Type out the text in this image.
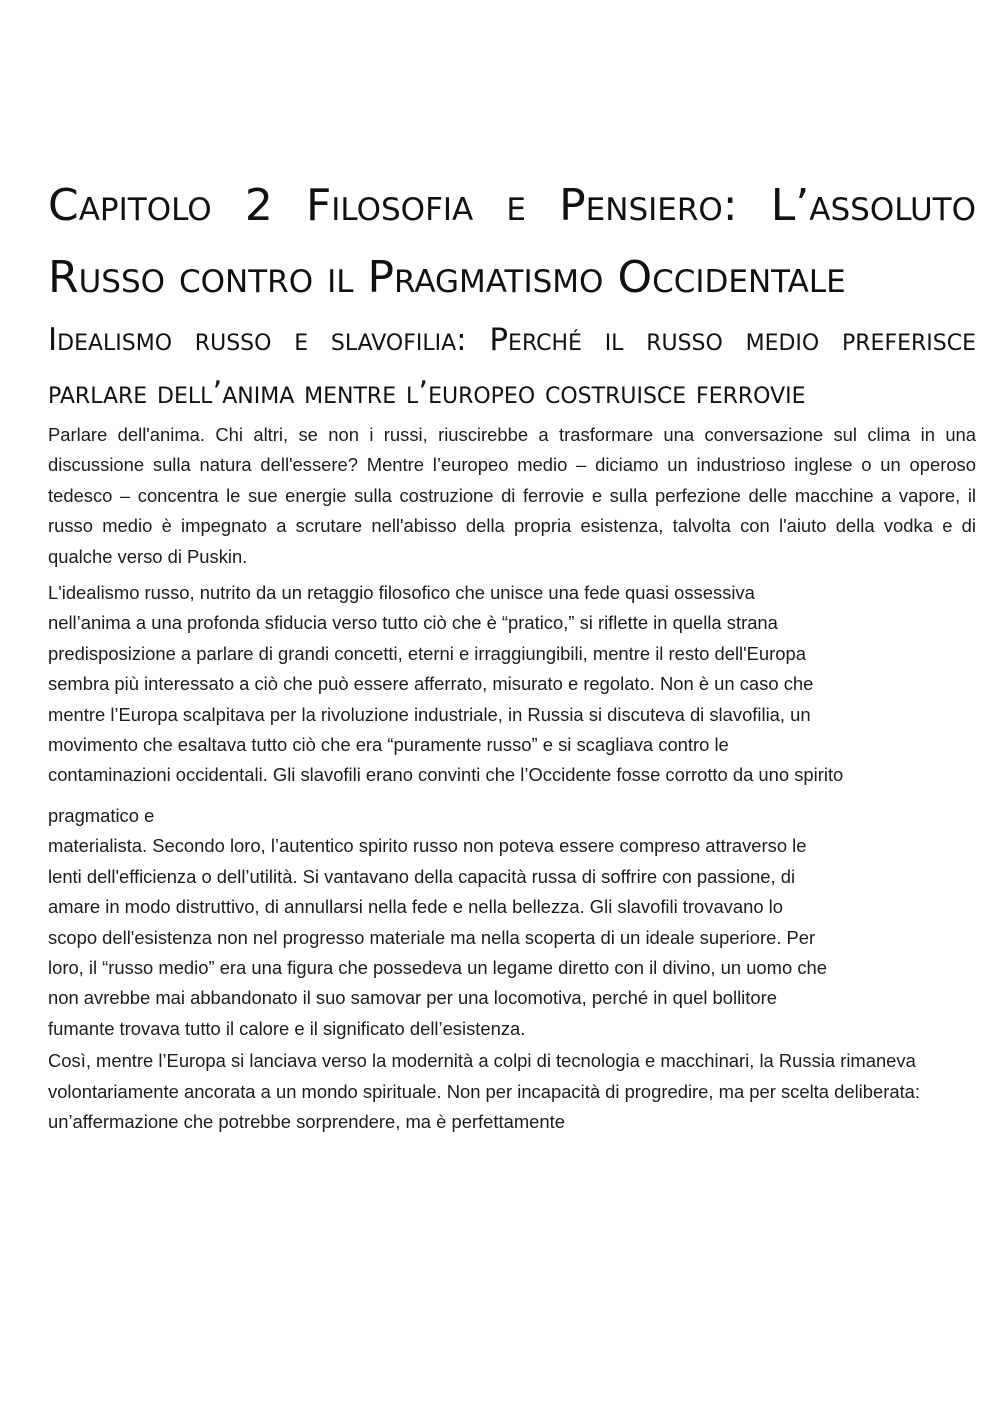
Capitolo 2 Filosofia e Pensiero: L’assoluto Russo contro il Pragmatismo Occidentale
Idealismo russo e slavofilia: Perché il russo medio preferisce parlare dell’anima mentre l’europeo costruisce ferrovie

Parlare dell'anima. Chi altri, se non i russi, riuscirebbe a trasformare una conversazione sul clima in una discussione sulla natura dell'essere? Mentre l’europeo medio – diciamo un industrioso inglese o un operoso tedesco – concentra le sue energie sulla costruzione di ferrovie e sulla perfezione delle macchine a vapore, il russo medio è impegnato a scrutare nell'abisso della propria esistenza, talvolta con l'aiuto della vodka e di qualche verso di Puskin.

L'idealismo russo, nutrito da un retaggio filosofico che unisce una fede quasi ossessiva
nell’anima a una profonda sfiducia verso tutto ciò che è “pratico,” si riflette in quella strana
predisposizione a parlare di grandi concetti, eterni e irraggiungibili, mentre il resto dell'Europa
sembra più interessato a ciò che può essere afferrato, misurato e regolato. Non è un caso che
mentre l’Europa scalpitava per la rivoluzione industriale, in Russia si discuteva di slavofilia, un
movimento che esaltava tutto ciò che era “puramente russo” e si scagliava contro le
contaminazioni occidentali. Gli slavofili erano convinti che l’Occidente fosse corrotto da uno spirito

pragmatico e

materialista. Secondo loro, l’autentico spirito russo non poteva essere compreso attraverso le
lenti dell'efficienza o dell’utilità. Si vantavano della capacità russa di soffrire con passione, di
amare in modo distruttivo, di annullarsi nella fede e nella bellezza. Gli slavofili trovavano lo
scopo dell'esistenza non nel progresso materiale ma nella scoperta di un ideale superiore. Per
loro, il “russo medio” era una figura che possedeva un legame diretto con il divino, un uomo che
non avrebbe mai abbandonato il suo samovar per una locomotiva, perché in quel bollitore
fumante trovava tutto il calore e il significato dell’esistenza.

Così, mentre l’Europa si lanciava verso la modernità a colpi di tecnologia e macchinari, la Russia rimaneva volontariamente ancorata a un mondo spirituale. Non per incapacità di progredire, ma per scelta deliberata: un’affermazione che potrebbe sorprendere, ma è perfettamente
